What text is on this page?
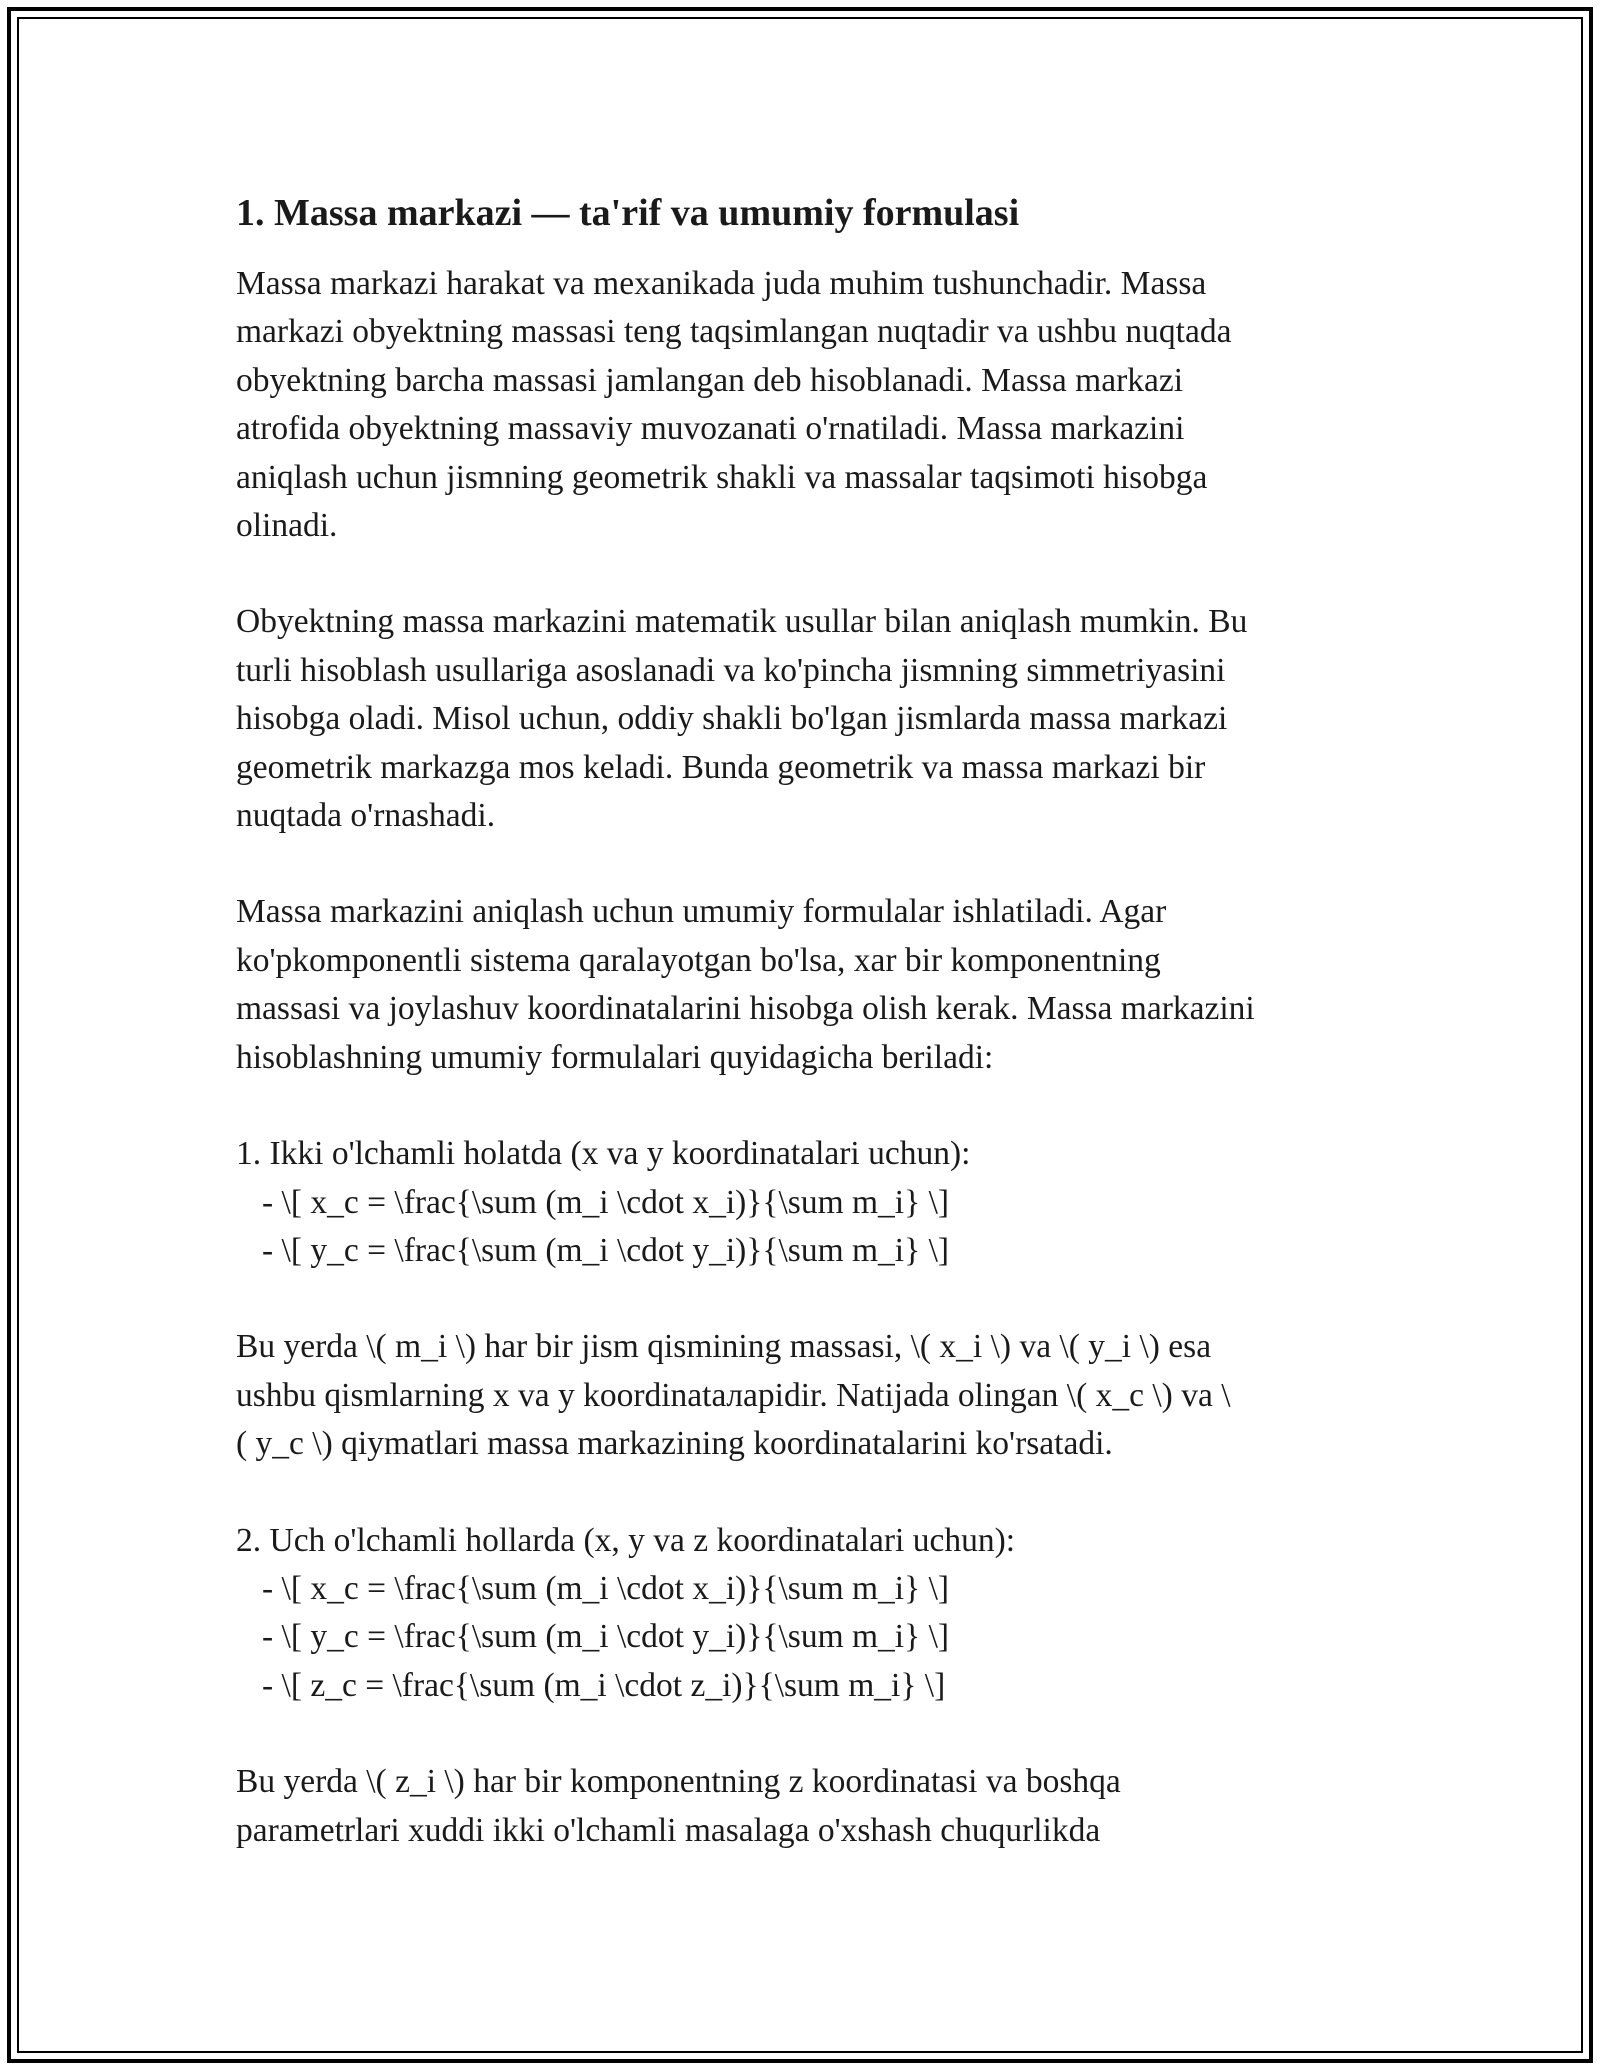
1. Massa markazi — ta'rif va umumiy formulasi

Massa markazi harakat va mexanikada juda muhim tushunchadir. Massa
markazi obyektning massasi teng taqsimlangan nuqtadir va ushbu nuqtada
obyektning barcha massasi jamlangan deb hisoblanadi. Massa markazi
atrofida obyektning massaviy muvozanati o'rnatiladi. Massa markazini
aniqlash uchun jismning geometrik shakli va massalar taqsimoti hisobga
olinadi.

Obyektning massa markazini matematik usullar bilan aniqlash mumkin. Bu
turli hisoblash usullariga asoslanadi va ko'pincha jismning simmetriyasini
hisobga oladi. Misol uchun, oddiy shakli bo'lgan jismlarda massa markazi
geometrik markazga mos keladi. Bunda geometrik va massa markazi bir
nuqtada o'rnashadi.

Massa markazini aniqlash uchun umumiy formulalar ishlatiladi. Agar
ko'pkomponentli sistema qaralayotgan bo'lsa, xar bir komponentning
massasi va joylashuv koordinatalarini hisobga olish kerak. Massa markazini
hisoblashning umumiy formulalari quyidagicha beriladi:

1. Ikki o'lchamli holatda (x va y koordinatalari uchun):
- \[ x_c = \frac{\sum (m_i \cdot x_i)}{\sum m_i} \]
- \[ y_c = \frac{\sum (m_i \cdot y_i)}{\sum m_i} \]

Bu yerda \( m_i \) har bir jism qismining massasi, \( x_i \) va \( y_i \) esa
ushbu qismlarning x va y koordinataларidir. Natijada olingan \( x_c \) va \
( y_c \) qiymatlari massa markazining koordinatalarini ko'rsatadi.

2. Uch o'lchamli hollarda (x, y va z koordinatalari uchun):
- \[ x_c = \frac{\sum (m_i \cdot x_i)}{\sum m_i} \]
- \[ y_c = \frac{\sum (m_i \cdot y_i)}{\sum m_i} \]
- \[ z_c = \frac{\sum (m_i \cdot z_i)}{\sum m_i} \]

Bu yerda \( z_i \) har bir komponentning z koordinatasi va boshqa
parametrlari xuddi ikki o'lchamli masalaga o'xshash chuqurlikda
